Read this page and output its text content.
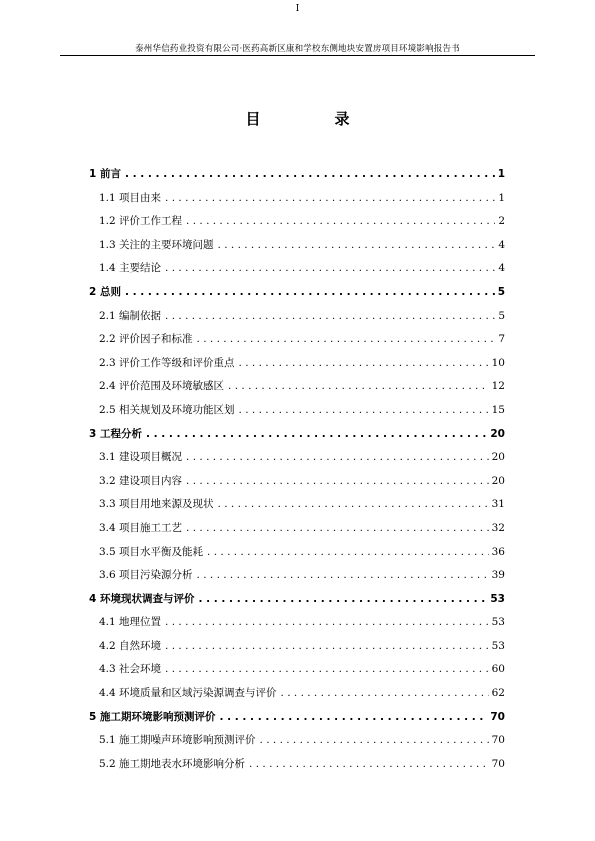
I
泰州华信药业投资有限公司·医药高新区康和学校东侧地块安置房项目环境影响报告书
目	录
1 前言 . . .	1
1.1 项目由来 . . .	1
1.2 评价工作工程 . . .	2
1.3 关注的主要环境问题 . . .	4
1.4 主要结论 . . .	4
2 总则 . . .	5
2.1 编制依据 . . .	5
2.2 评价因子和标准 . . .	7
2.3 评价工作等级和评价重点 . . .	10
2.4 评价范围及环境敏感区 . . .	12
2.5 相关规划及环境功能区划 . . .	15
3 工程分析 . . .	20
3.1 建设项目概况 . . .	20
3.2 建设项目内容 . . .	20
3.3 项目用地来源及现状 . . .	31
3.4 项目施工工艺 . . .	32
3.5 项目水平衡及能耗 . . .	36
3.6 项目污染源分析 . . .	39
4 环境现状调查与评价 . . .	53
4.1 地理位置 . . .	53
4.2 自然环境 . . .	53
4.3 社会环境 . . .	60
4.4 环境质量和区域污染源调查与评价 . . .	62
5 施工期环境影响预测评价 . . .	70
5.1 施工期噪声环境影响预测评价 . . .	70
5.2 施工期地表水环境影响分析 . . .	70
